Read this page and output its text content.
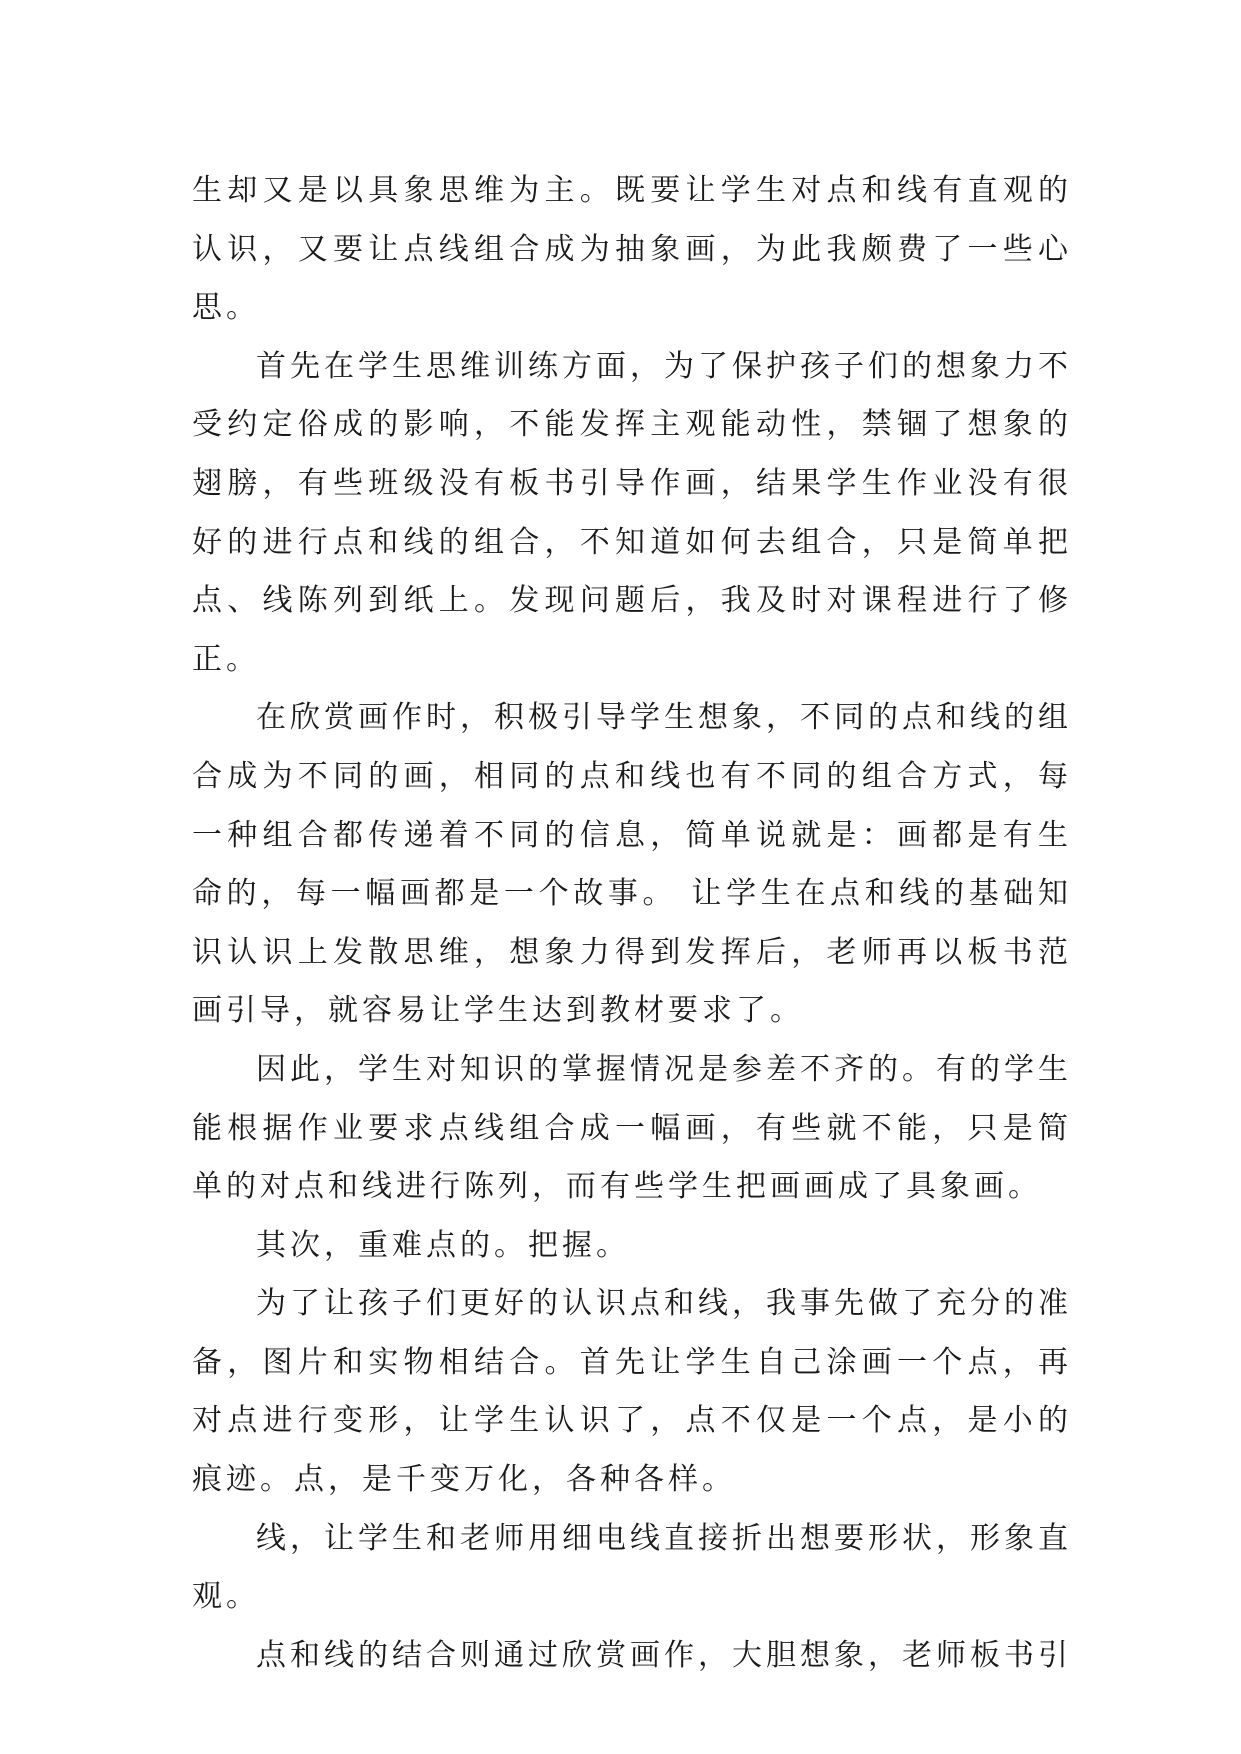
生却又是以具象思维为主。既要让学生对点和线有直观的认识，又要让点线组合成为抽象画，为此我颇费了一些心思。

首先在学生思维训练方面，为了保护孩子们的想象力不受约定俗成的影响，不能发挥主观能动性，禁锢了想象的翅膀，有些班级没有板书引导作画，结果学生作业没有很好的进行点和线的组合，不知道如何去组合，只是简单把点、线陈列到纸上。发现问题后，我及时对课程进行了修正。

在欣赏画作时，积极引导学生想象，不同的点和线的组合成为不同的画，相同的点和线也有不同的组合方式，每一种组合都传递着不同的信息，简单说就是：画都是有生命的，每一幅画都是一个故事。 让学生在点和线的基础知识认识上发散思维，想象力得到发挥后，老师再以板书范画引导，就容易让学生达到教材要求了。

因此，学生对知识的掌握情况是参差不齐的。有的学生能根据作业要求点线组合成一幅画，有些就不能，只是简单的对点和线进行陈列，而有些学生把画画成了具象画。

其次，重难点的。把握。

为了让孩子们更好的认识点和线，我事先做了充分的准备，图片和实物相结合。首先让学生自己涂画一个点，再对点进行变形，让学生认识了，点不仅是一个点，是小的痕迹。点，是千变万化，各种各样。

线，让学生和老师用细电线直接折出想要形状，形象直观。

点和线的结合则通过欣赏画作，大胆想象，老师板书引
